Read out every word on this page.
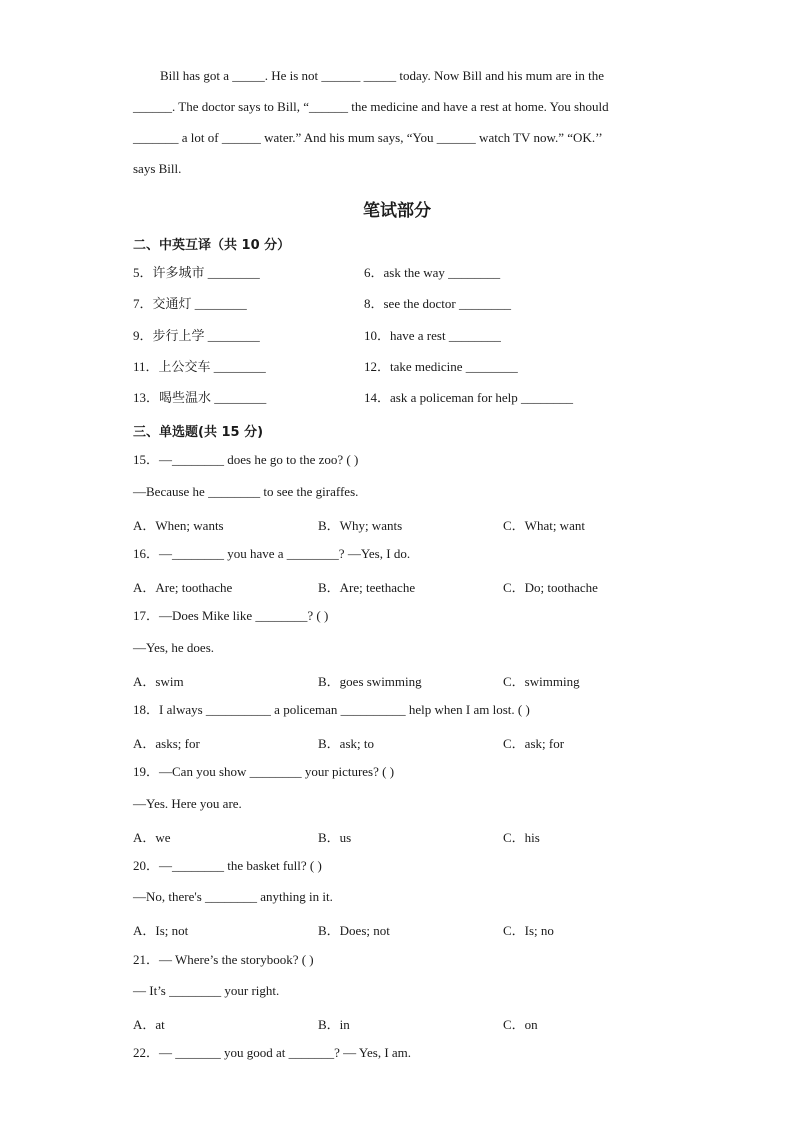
Bill has got a _____. He is not ______ _____ today. Now Bill and his mum are in the
______. The doctor says to Bill, “______ the medicine and have a rest at home. You should
_______ a lot of ______ water.” And his mum says, “You ______ watch TV now.” “OK.’’
says Bill.
笔试部分
二、中英互译（共 10 分）
5．许多城市 ________	6．ask the way ________
7．交通灯 ________	8．see the doctor ________
9．步行上学 ________	10．have a rest ________
11．上公交车 ________	12．take medicine ________
13．喝些温水 ________	14．ask a policeman for help ________
三、单选题(共 15 分)
15．—________ does he go to the zoo? ( )
—Because he ________ to see the giraffes.
A．When; wants	B．Why; wants	C．What; want
16．—________ you have a ________? —Yes, I do.
A．Are; toothache	B．Are; teethache	C．Do; toothache
17．—Does Mike like ________? ( )
—Yes, he does.
A．swim	B．goes swimming	C．swimming
18．I always __________ a policeman __________ help when I am lost. ( )
A．asks; for	B．ask; to	C．ask; for
19．—Can you show ________ your pictures? ( )
—Yes. Here you are.
A．we	B．us	C．his
20．—________ the basket full? ( )
—No, there's ________ anything in it.
A．Is; not	B．Does; not	C．Is; no
21．— Where’s the storybook? ( )
— It’s ________ your right.
A．at	B．in	C．on
22．— _______ you good at _______? — Yes, I am.
